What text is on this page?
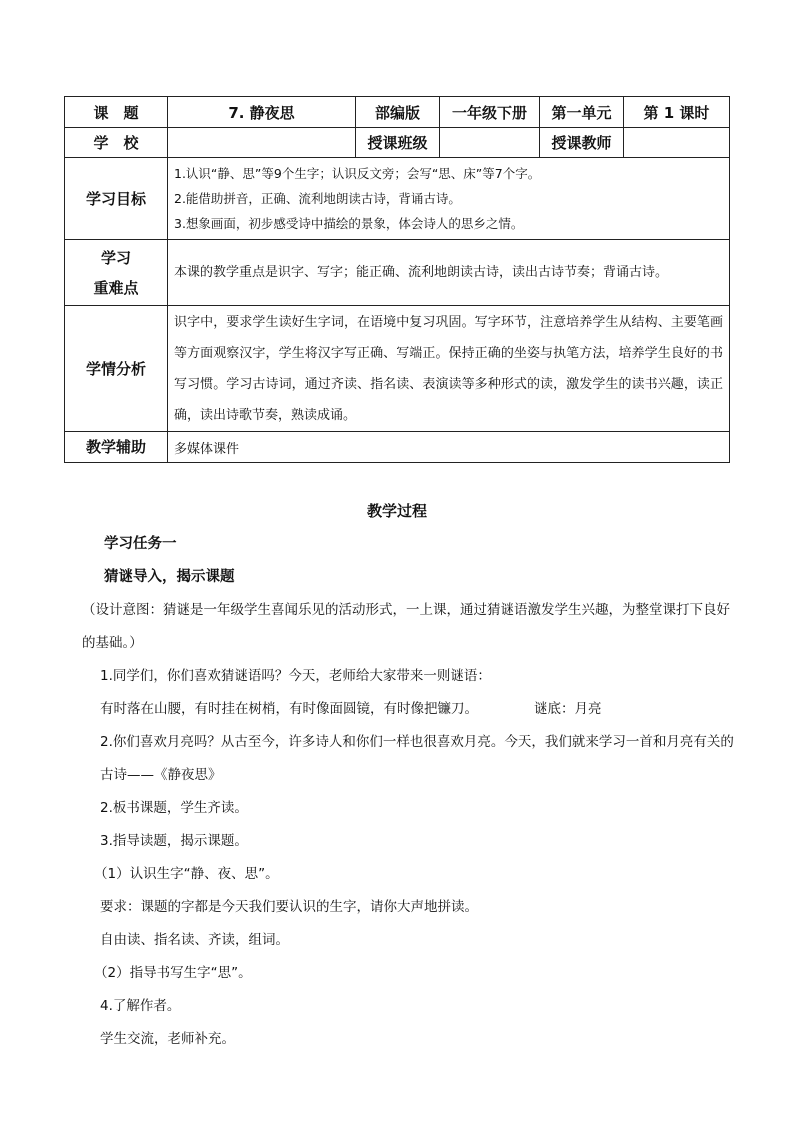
课　题	7. 静夜思	部编版	一年级下册	第一单元	第 1 课时
学　校		授课班级		授课教师	
学习目标	1.认识“静、思”等9个生字；认识反文旁；会写“思、床”等7个字。
2.能借助拼音，正确、流利地朗读古诗，背诵古诗。
3.想象画面，初步感受诗中描绘的景象，体会诗人的思乡之情。				

学习
重难点	本课的教学重点是识字、写字；能正确、流利地朗读古诗，读出古诗节奏；背诵古诗。				
学情分析	识字中，要求学生读好生字词，在语境中复习巩固。写字环节，注意培养学生从结构、主要笔画等方面观察汉字，学生将汉字写正确、写端正。保持正确的坐姿与执笔方法，培养学生良好的书写习惯。学习古诗词，通过齐读、指名读、表演读等多种形式的读，激发学生的读书兴趣，读正确，读出诗歌节奏，熟读成诵。				
教学辅助	多媒体课件				
教学过程

学习任务一

猜谜导入，揭示课题

（设计意图：猜谜是一年级学生喜闻乐见的活动形式，一上课，通过猜谜语激发学生兴趣，为整堂课打下良好的基础。）

1.同学们，你们喜欢猜谜语吗？今天，老师给大家带来一则谜语：

有时落在山腰，有时挂在树梢，有时像面圆镜，有时像把镰刀。	谜底：月亮

2.你们喜欢月亮吗？从古至今，许多诗人和你们一样也很喜欢月亮。今天，我们就来学习一首和月亮有关的古诗——《静夜思》

2.板书课题，学生齐读。

3.指导读题，揭示课题。

（1）认识生字“静、夜、思”。

要求：课题的字都是今天我们要认识的生字，请你大声地拼读。

自由读、指名读、齐读，组词。

（2）指导书写生字“思”。

4.了解作者。

学生交流，老师补充。
